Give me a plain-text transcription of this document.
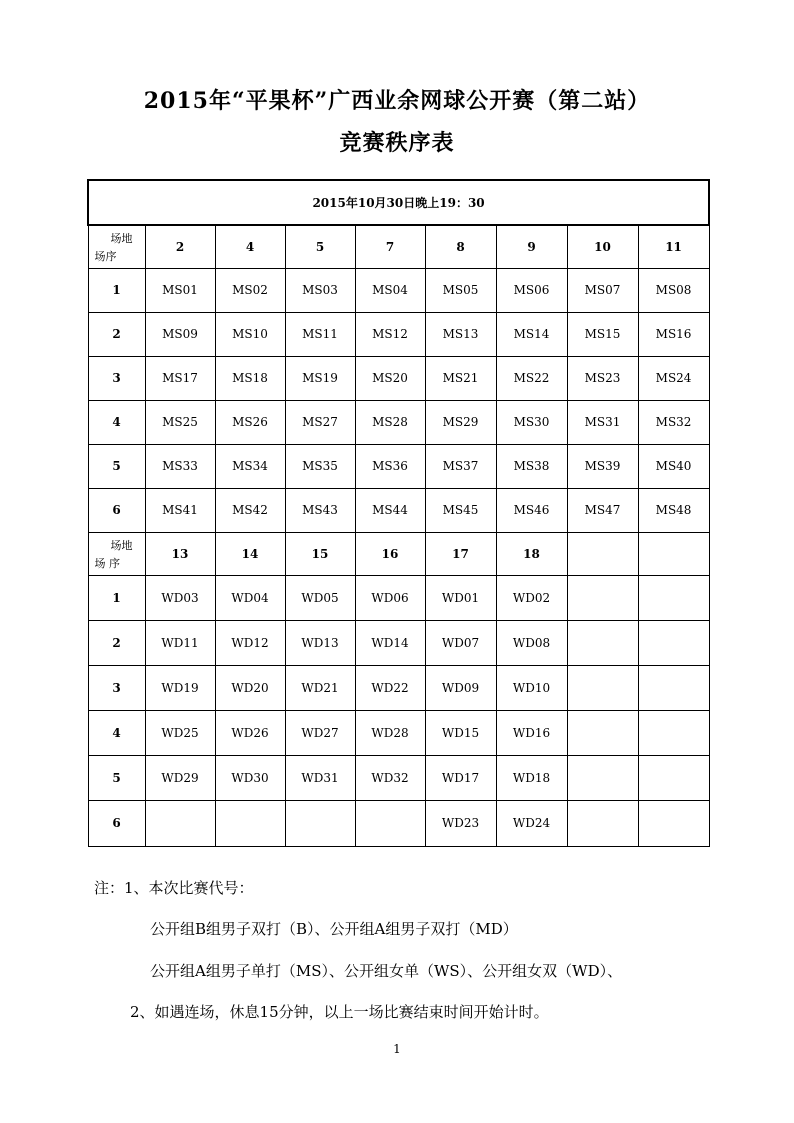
2015年“平果杯”广西业余网球公开赛（第二站）
竞赛秩序表
2015年10月30日晚上19：30								

场地
场序	2	4	5	7	8	9	10	11
1	MS01	MS02	MS03	MS04	MS05	MS06	MS07	MS08
2	MS09	MS10	MS11	MS12	MS13	MS14	MS15	MS16
3	MS17	MS18	MS19	MS20	MS21	MS22	MS23	MS24
4	MS25	MS26	MS27	MS28	MS29	MS30	MS31	MS32
5	MS33	MS34	MS35	MS36	MS37	MS38	MS39	MS40
6	MS41	MS42	MS43	MS44	MS45	MS46	MS47	MS48

场地
场 序	13	14	15	16	17	18		
1	WD03	WD04	WD05	WD06	WD01	WD02		
2	WD11	WD12	WD13	WD14	WD07	WD08		
3	WD19	WD20	WD21	WD22	WD09	WD10		
4	WD25	WD26	WD27	WD28	WD15	WD16		
5	WD29	WD30	WD31	WD32	WD17	WD18		
6					WD23	WD24		
注：1、本次比赛代号：
公开组B组男子双打（B）、公开组A组男子双打（MD）
公开组A组男子单打（MS）、公开组女单（WS）、公开组女双（WD）、
2、如遇连场，休息15分钟，以上一场比赛结束时间开始计时。
1
